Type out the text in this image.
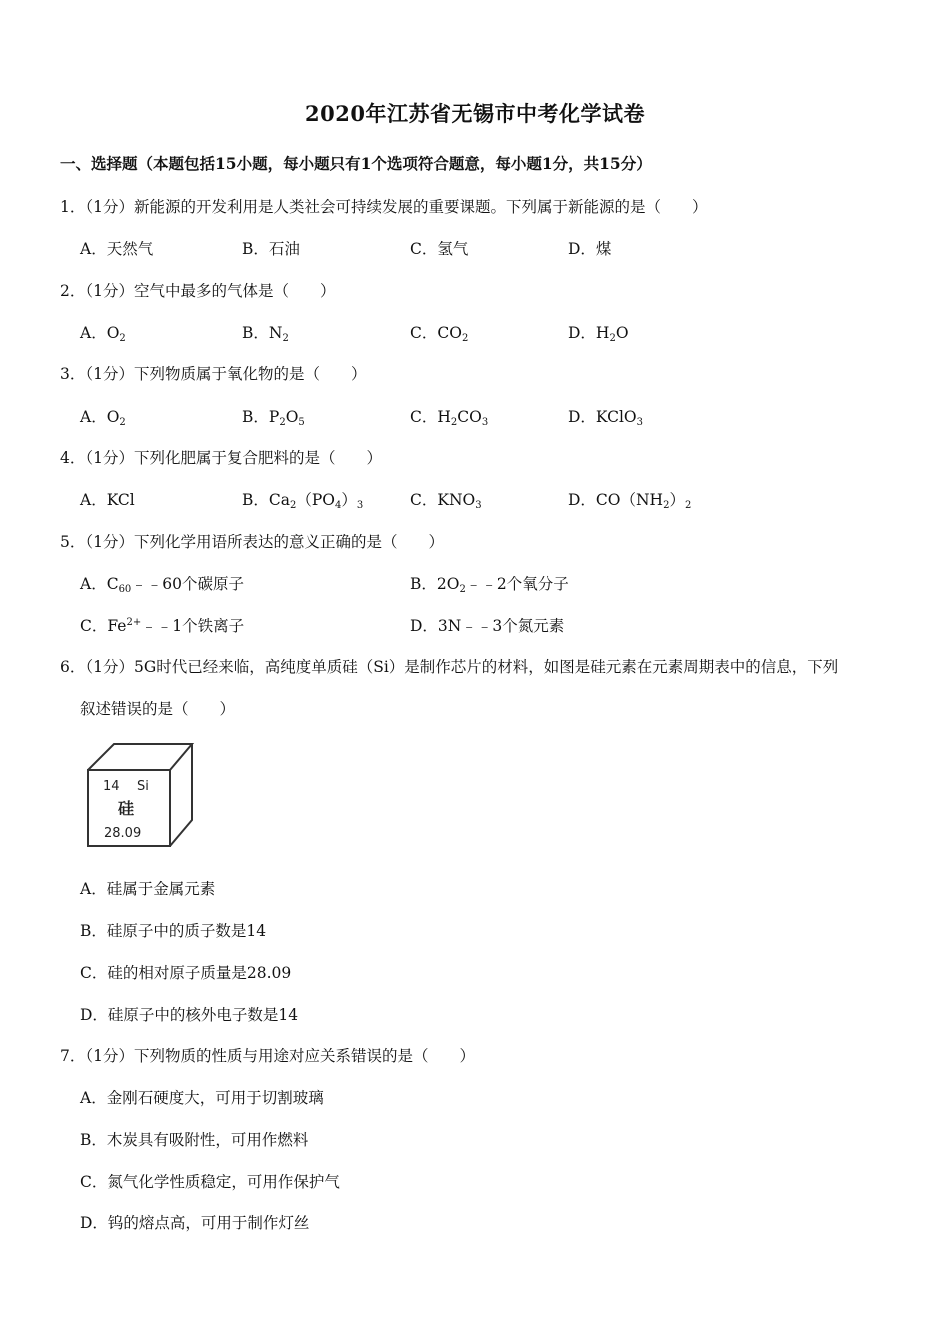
2020年江苏省无锡市中考化学试卷
一、选择题（本题包括15小题，每小题只有1个选项符合题意，每小题1分，共15分）
1．（1分）新能源的开发利用是人类社会可持续发展的重要课题。下列属于新能源的是（　　）
A．天然气	B．石油	C．氢气	D．煤
2．（1分）空气中最多的气体是（　　）
A．$O_2$	B．$N_2$	C．$CO_2$	D．$H_2O$
3．（1分）下列物质属于氧化物的是（　　）
A．$O_2$	B．$P_2O_5$	C．$H_2CO_3$	D．KClO$_3$
4．（1分）下列化肥属于复合肥料的是（　　）
A．KCl	B．$Ca_2(PO_4)_3$	C．$KNO_3$	D．$CO(NH_2)_2$
5．（1分）下列化学用语所表达的意义正确的是（　　）
A．$C_{60}﹣﹣60$个碳原子	B．$2O_2﹣﹣2$个氧分子
C．$Fe^{2+}﹣﹣1$个铁离子	D．3N﹣﹣3个氮元素
6．（1分）5G时代已经来临，高纯度单质硅（Si）是制作芯片的材料，如图是硅元素在元素周期表中的信息，下列
叙述错误的是（　　）
14 Si
硅
28.09
A．硅属于金属元素
B．硅原子中的质子数是14
C．硅的相对原子质量是28.09
D．硅原子中的核外电子数是14
7．（1分）下列物质的性质与用途对应关系错误的是（　　）
A．金刚石硬度大，可用于切割玻璃
B．木炭具有吸附性，可用作燃料
C．氮气化学性质稳定，可用作保护气
D．钨的熔点高，可用于制作灯丝
